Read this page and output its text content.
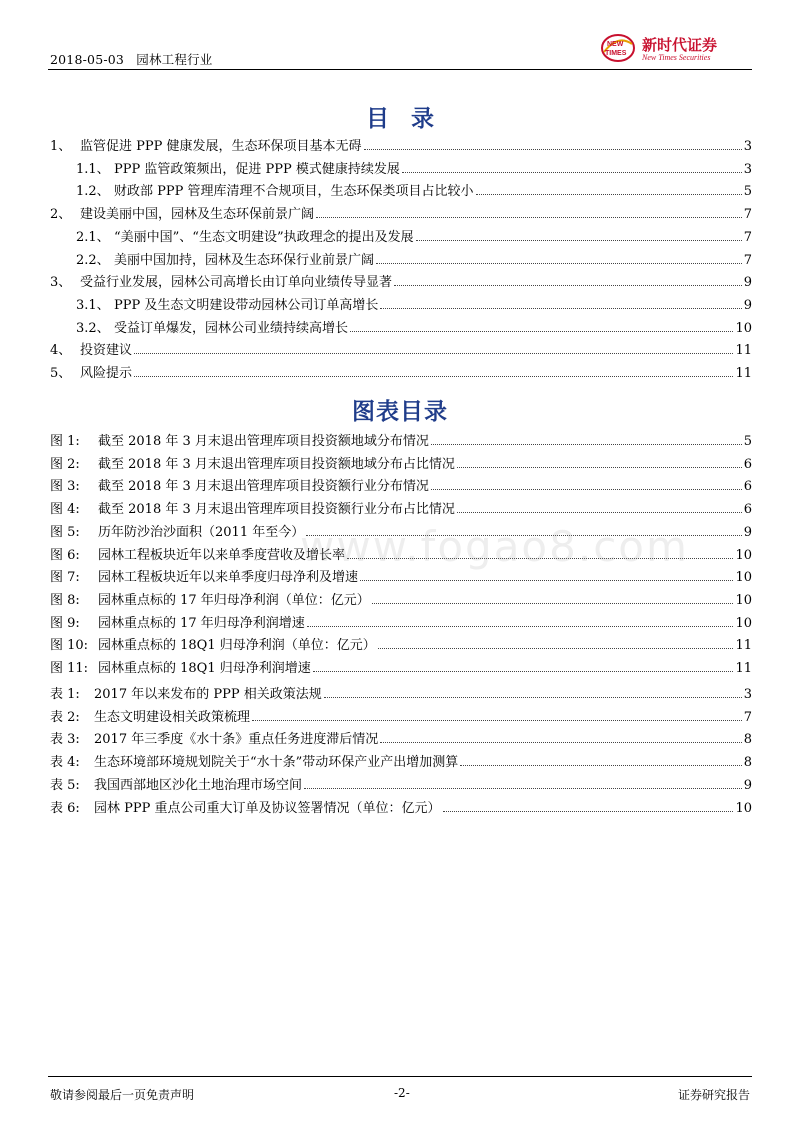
2018-05-03 园林工程行业
NEW
TIMES 新时代证券
New Times Securities
目录
1、 监管促进 PPP 健康发展，生态环保项目基本无碍	3
1.1、 PPP 监管政策频出，促进 PPP 模式健康持续发展	3
1.2、 财政部 PPP 管理库清理不合规项目，生态环保类项目占比较小	5
2、 建设美丽中国，园林及生态环保前景广阔	7
2.1、 “美丽中国”、“生态文明建设”执政理念的提出及发展	7
2.2、 美丽中国加持，园林及生态环保行业前景广阔	7
3、 受益行业发展，园林公司高增长由订单向业绩传导显著	9
3.1、 PPP 及生态文明建设带动园林公司订单高增长	9
3.2、 受益订单爆发，园林公司业绩持续高增长	10
4、 投资建议	11
5、 风险提示	11
图表目录
图 1:	截至 2018 年 3 月末退出管理库项目投资额地域分布情况	5
图 2:	截至 2018 年 3 月末退出管理库项目投资额地域分布占比情况	6
图 3:	截至 2018 年 3 月末退出管理库项目投资额行业分布情况	6
图 4:	截至 2018 年 3 月末退出管理库项目投资额行业分布占比情况	6
图 5:	历年防沙治沙面积（2011 年至今）	9
图 6:	园林工程板块近年以来单季度营收及增长率	10
图 7:	园林工程板块近年以来单季度归母净利及增速	10
图 8:	园林重点标的 17 年归母净利润（单位：亿元）	10
图 9:	园林重点标的 17 年归母净利润增速	10
图 10: 园林重点标的 18Q1 归母净利润（单位：亿元）	11
图 11: 园林重点标的 18Q1 归母净利润增速	11
表 1:	2017 年以来发布的 PPP 相关政策法规	3
表 2:	生态文明建设相关政策梳理	7
表 3:	2017 年三季度《水十条》重点任务进度滞后情况	8
表 4:	生态环境部环境规划院关于“水十条”带动环保产业产出增加测算	8
表 5:	我国西部地区沙化土地治理市场空间	9
表 6:	园林 PPP 重点公司重大订单及协议签署情况（单位：亿元）	10
www.fogao8.com
敬请参阅最后一页免责声明	-2-	证券研究报告
